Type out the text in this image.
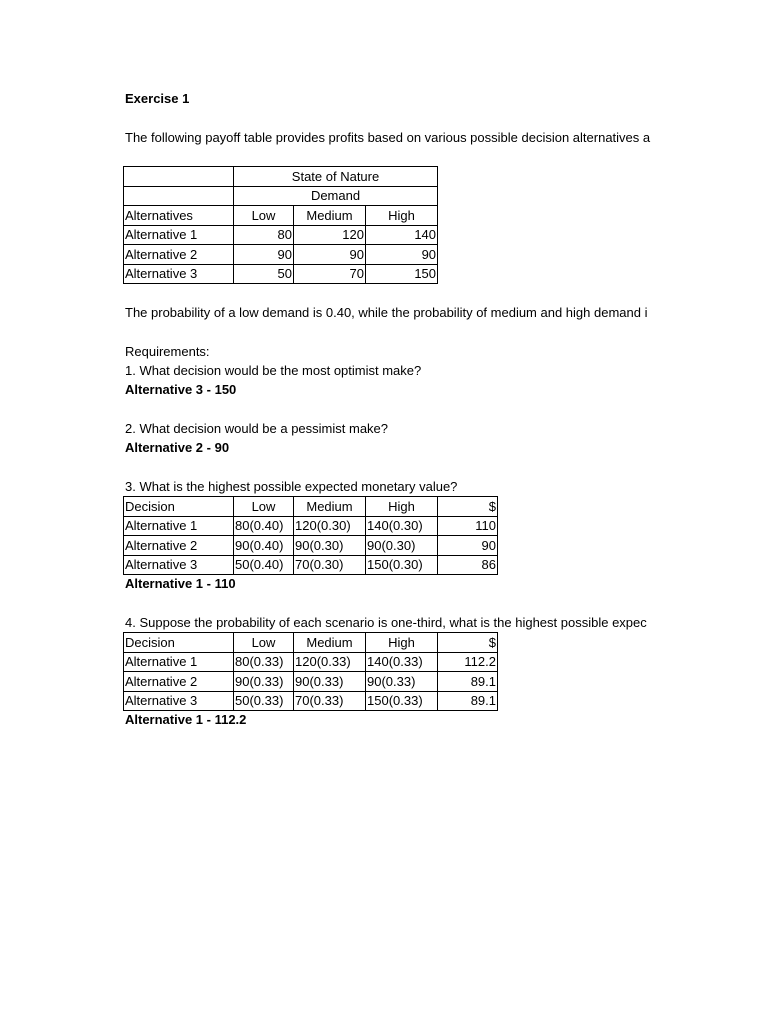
Exercise 1
The following payoff table provides profits based on various possible decision alternatives a
	State of Nature		
	Demand		
Alternatives	Low	Medium	High
Alternative 1	80	120	140
Alternative 2	90	90	90
Alternative 3	50	70	150
The probability of a low demand is 0.40, while the probability of medium and high demand i
Requirements:
1. What decision would be the most optimist make?
Alternative 3 - 150
2. What decision would be a pessimist make?
Alternative 2 - 90
3. What is the highest possible expected monetary value?
Decision	Low	Medium	High	$
Alternative 1	80(0.40)	120(0.30)	140(0.30)	110
Alternative 2	90(0.40)	90(0.30)	90(0.30)	90
Alternative 3	50(0.40)	70(0.30)	150(0.30)	86
Alternative 1 - 110
4. Suppose the probability of each scenario is one-third, what is the highest possible expec
Decision	Low	Medium	High	$
Alternative 1	80(0.33)	120(0.33)	140(0.33)	112.2
Alternative 2	90(0.33)	90(0.33)	90(0.33)	89.1
Alternative 3	50(0.33)	70(0.33)	150(0.33)	89.1
Alternative 1 - 112.2
